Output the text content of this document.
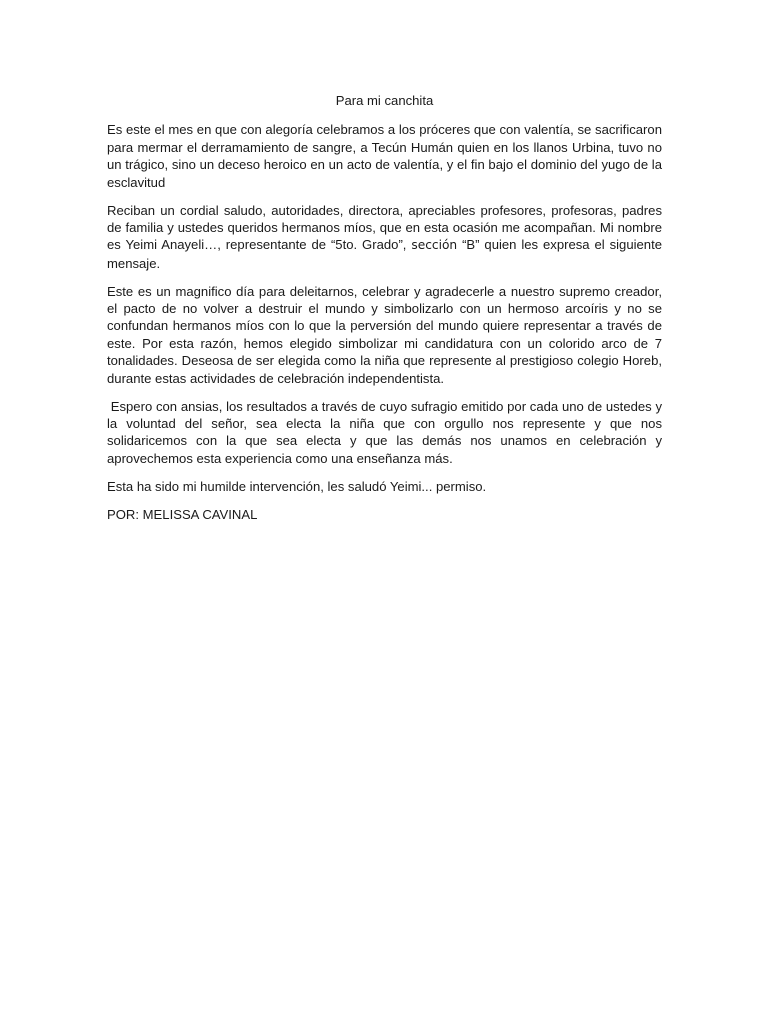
Para mi canchita

Es este el mes en que con alegoría celebramos a los próceres que con valentía, se sacrificaron para mermar el derramamiento de sangre, a Tecún Humán quien en los llanos Urbina, tuvo no un trágico, sino un deceso heroico en un acto de valentía, y el fin bajo el dominio del yugo de la esclavitud

Reciban un cordial saludo, autoridades, directora, apreciables profesores, profesoras, padres de familia y ustedes queridos hermanos míos, que en esta ocasión me acompañan. Mi nombre es Yeimi Anayeli…, representante de “5to. Grado”, sección “B” quien les expresa el siguiente mensaje.

Este es un magnifico día para deleitarnos, celebrar y agradecerle a nuestro supremo creador, el pacto de no volver a destruir el mundo y simbolizarlo con un hermoso arcoíris y no se confundan hermanos míos con lo que la perversión del mundo quiere representar a través de este. Por esta razón, hemos elegido simbolizar mi candidatura con un colorido arco de 7 tonalidades. Deseosa de ser elegida como la niña que represente al prestigioso colegio Horeb, durante estas actividades de celebración independentista.

Espero con ansias, los resultados a través de cuyo sufragio emitido por cada uno de ustedes y la voluntad del señor, sea electa la niña que con orgullo nos represente y que nos solidaricemos con la que sea electa y que las demás nos unamos en celebración y aprovechemos esta experiencia como una enseñanza más.

Esta ha sido mi humilde intervención, les saludó Yeimi... permiso.

POR: MELISSA CAVINAL
